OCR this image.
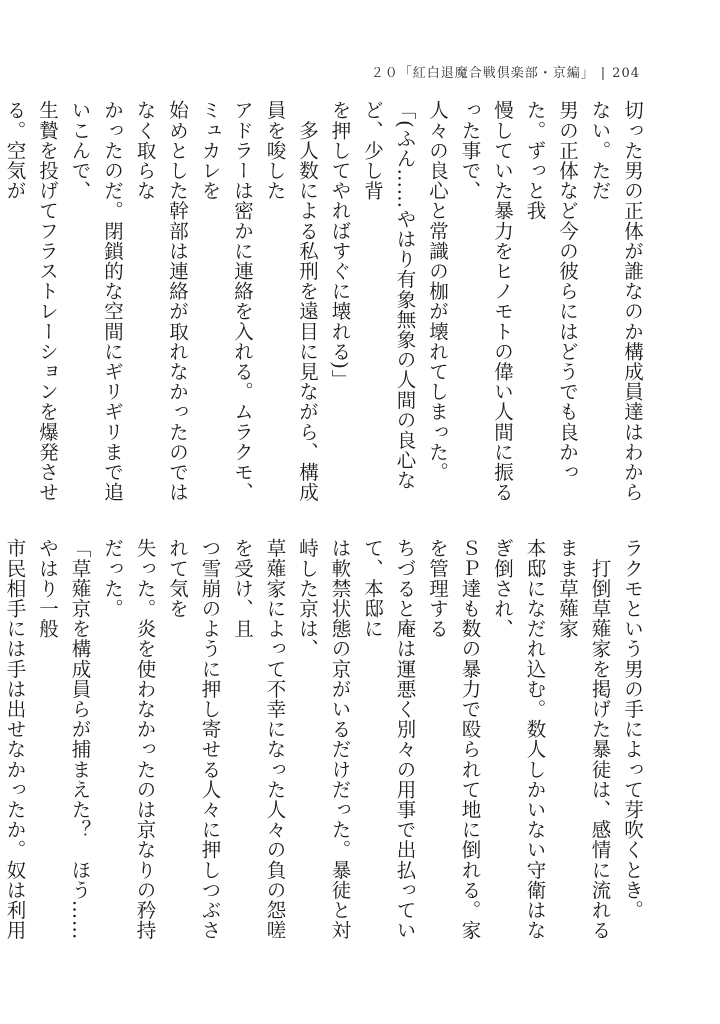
２０「紅白退魔合戦倶楽部・京編」 | 204

切った男の正体が誰なのか構成員達はわからない。ただ

男の正体など今の彼らにはどうでも良かった。ずっと我

慢していた暴力をヒノモトの偉い人間に振るった事で、

人々の良心と常識の枷が壊れてしまった。

「(ふん……やはり有象無象の人間の良心など、少し背

を押してやればすぐに壊れる)」

　多人数による私刑を遠目に見ながら、構成員を唆した

アドラーは密かに連絡を入れる。ムラクモ、ミュカレを

始めとした幹部は連絡が取れなかったのではなく取らな

かったのだ。閉鎖的な空間にギリギリまで追いこんで、

生贄を投げてフラストレーションを爆発させる。空気が

ラクモという男の手によって芽吹くとき。

　打倒草薙家を掲げた暴徒は、感情に流れるまま草薙家

本邸になだれ込む。数人しかいない守衛はなぎ倒され、

ＳＰ達も数の暴力で殴られて地に倒れる。家を管理する

ちづると庵は運悪く別々の用事で出払っていて、本邸に

は軟禁状態の京がいるだけだった。暴徒と対峙した京は、

草薙家によって不幸になった人々の負の怨嗟を受け、且

つ雪崩のように押し寄せる人々に押しつぶされて気を

失った。炎を使わなかったのは京なりの矜持だった。

「草薙京を構成員らが捕まえた？　ほう……やはり一般

市民相手には手は出せなかったか。奴は利用
